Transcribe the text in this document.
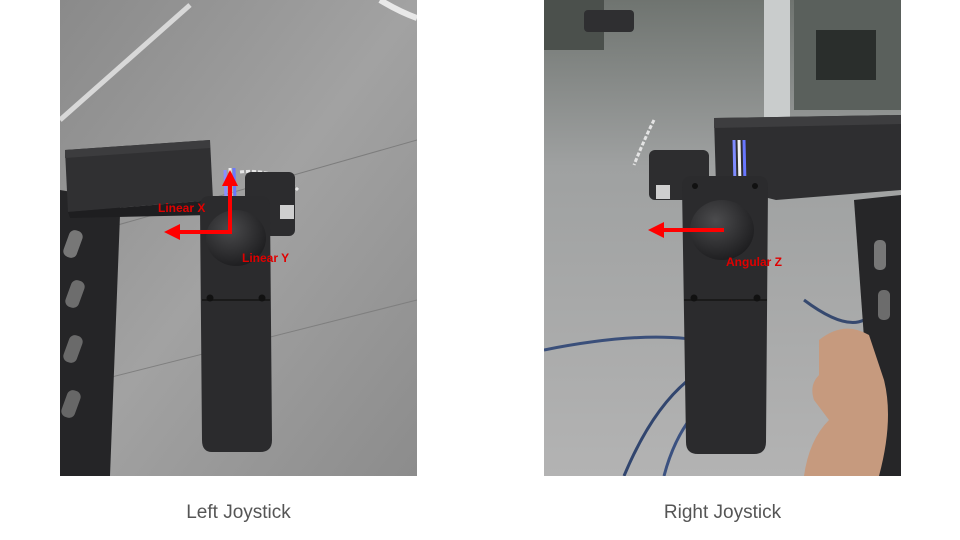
Linear X
Linear Y	Angular Z
Left Joystick	Right Joystick
